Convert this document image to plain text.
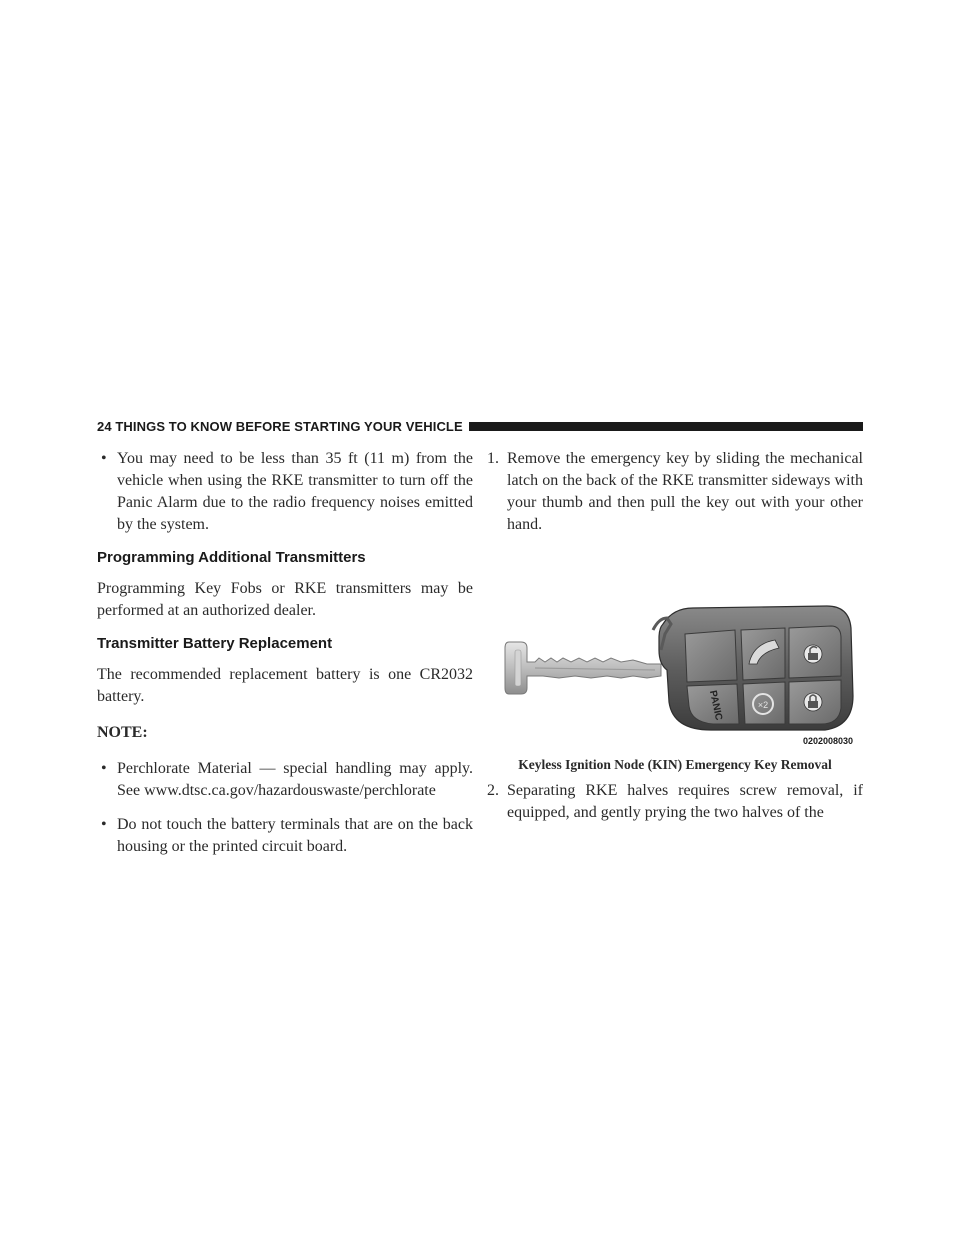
24 THINGS TO KNOW BEFORE STARTING YOUR VEHICLE

• You may need to be less than 35 ft (11 m) from the vehicle when using the RKE transmitter to turn off the Panic Alarm due to the radio frequency noises emitted by the system.

Programming Additional Transmitters

Programming Key Fobs or RKE transmitters may be performed at an authorized dealer.

Transmitter Battery Replacement

The recommended replacement battery is one CR2032 battery.

NOTE:

• Perchlorate Material — special handling may apply. See www.dtsc.ca.gov/hazardouswaste/perchlorate

• Do not touch the battery terminals that are on the back housing or the printed circuit board.

1. Remove the emergency key by sliding the mechanical latch on the back of the RKE transmitter sideways with your thumb and then pull the key out with your other hand.

PANIC	×2
0202008030

Keyless Ignition Node (KIN) Emergency Key Removal

2. Separating RKE halves requires screw removal, if equipped, and gently prying the two halves of the
